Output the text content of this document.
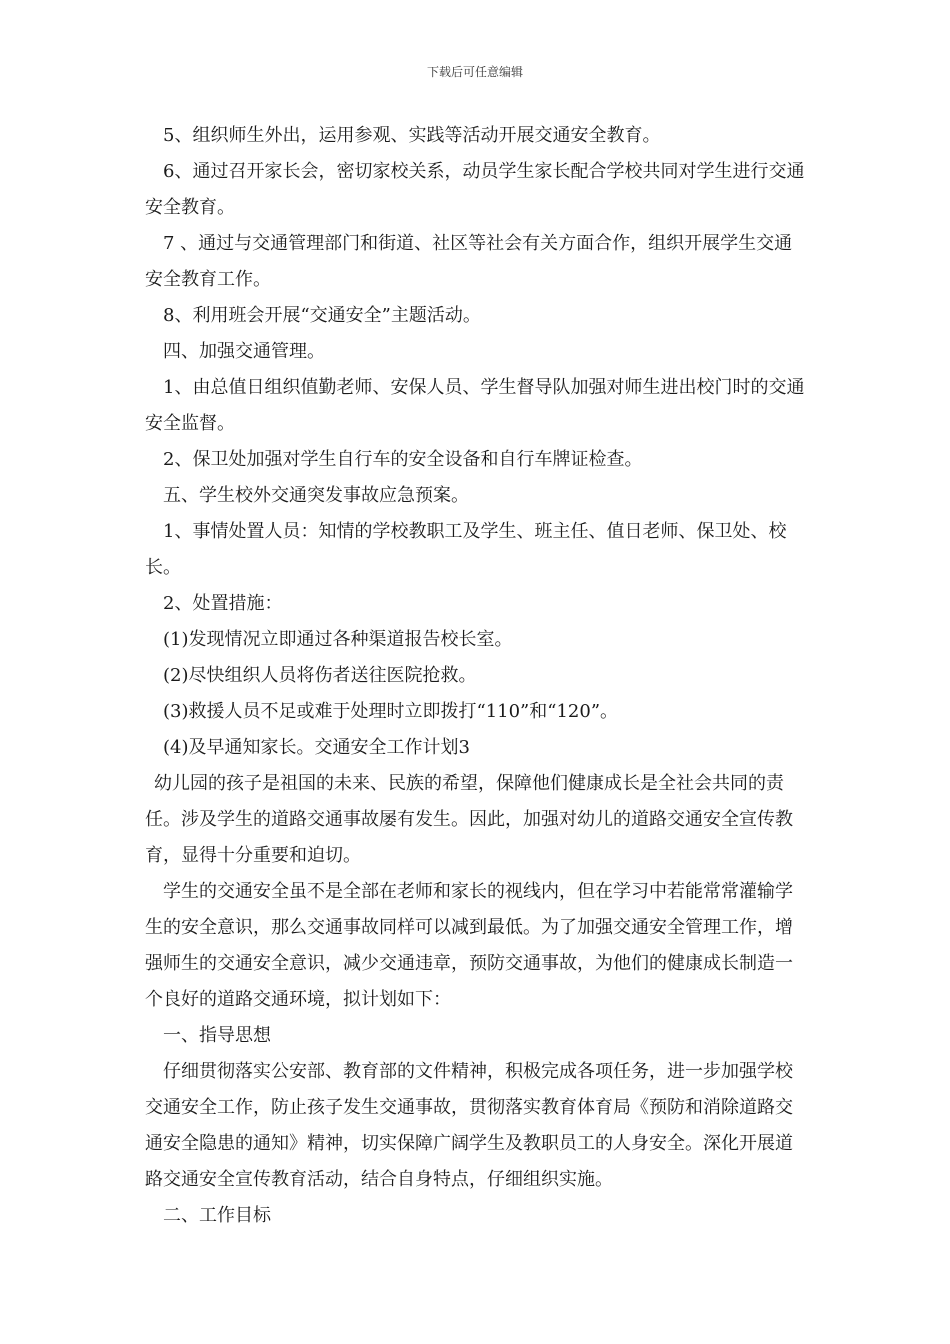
下载后可任意编辑

5、组织师生外出，运用参观、实践等活动开展交通安全教育。

6、通过召开家长会，密切家校关系，动员学生家长配合学校共同对学生进行交通安全教育。

7 、通过与交通管理部门和街道、社区等社会有关方面合作，组织开展学生交通安全教育工作。

8、利用班会开展“交通安全”主题活动。

四、加强交通管理。

1、由总值日组织值勤老师、安保人员、学生督导队加强对师生进出校门时的交通安全监督。

2、保卫处加强对学生自行车的安全设备和自行车牌证检查。

五、学生校外交通突发事故应急预案。

1、事情处置人员：知情的学校教职工及学生、班主任、值日老师、保卫处、校长。

2、处置措施：

(1)发现情况立即通过各种渠道报告校长室。

(2)尽快组织人员将伤者送往医院抢救。

(3)救援人员不足或难于处理时立即拨打“110”和“120”。

(4)及早通知家长。交通安全工作计划3

幼儿园的孩子是祖国的未来、民族的希望，保障他们健康成长是全社会共同的责任。涉及学生的道路交通事故屡有发生。因此，加强对幼儿的道路交通安全宣传教育，显得十分重要和迫切。

学生的交通安全虽不是全部在老师和家长的视线内，但在学习中若能常常灌输学生的安全意识，那么交通事故同样可以减到最低。为了加强交通安全管理工作，增强师生的交通安全意识，减少交通违章，预防交通事故，为他们的健康成长制造一个良好的道路交通环境，拟计划如下：

一、指导思想

仔细贯彻落实公安部、教育部的文件精神，积极完成各项任务，进一步加强学校交通安全工作，防止孩子发生交通事故，贯彻落实教育体育局《预防和消除道路交通安全隐患的通知》精神，切实保障广阔学生及教职员工的人身安全。深化开展道路交通安全宣传教育活动，结合自身特点，仔细组织实施。

二、工作目标
